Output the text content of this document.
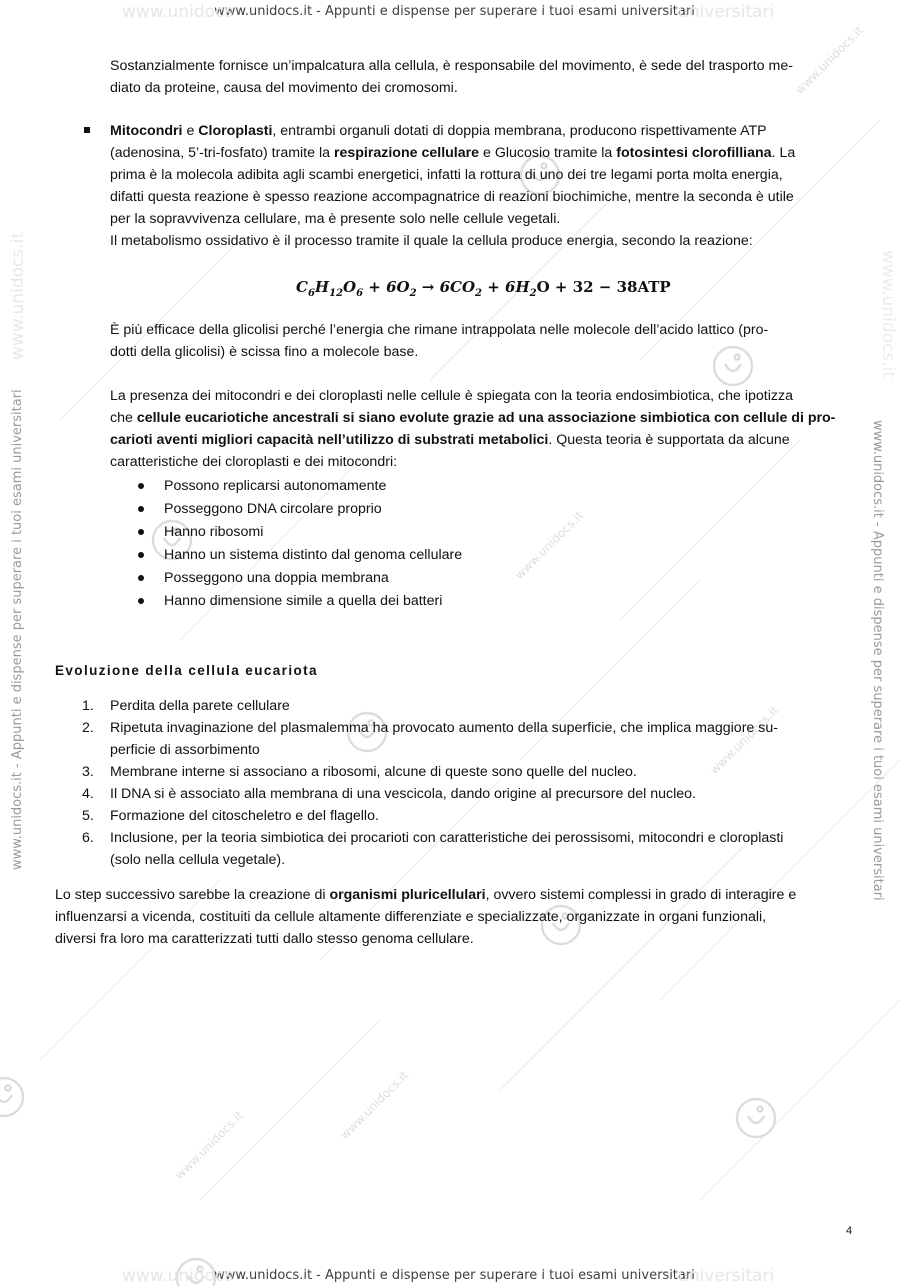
www.unidocs.it
www.unidocs.it
www.unidocs.it
www.unidocs.it
www.unidocs.it
www.unidocs
www.unidocs.it - Appunti e dispense per superare i tuoi esami universitari
universitari
www.unidocs.it
www.unidocs.it - Appunti e dispense per superare i tuoi esami universitari
www.unidocs.it
www.unidocs.it - Appunti e dispense per superare i tuoi esami universitari
Sostanzialmente fornisce un’impalcatura alla cellula, è responsabile del movimento, è sede del trasporto me-
diato da proteine, causa del movimento dei cromosomi.
Mitocondri e Cloroplasti, entrambi organuli dotati di doppia membrana, producono rispettivamente ATP
(adenosina, 5’-tri-fosfato) tramite la respirazione cellulare e Glucosio tramite la fotosintesi clorofilliana. La
prima è la molecola adibita agli scambi energetici, infatti la rottura di uno dei tre legami porta molta energia,
difatti questa reazione è spesso reazione accompagnatrice di reazioni biochimiche, mentre la seconda è utile
per la sopravvivenza cellulare, ma è presente solo nelle cellule vegetali.
Il metabolismo ossidativo è il processo tramite il quale la cellula produce energia, secondo la reazione:
$C_6H_{12}O_6 + 6O_2 \to 6CO_2 + 6H_2O + 32 - 38ATP$
È più efficace della glicolisi perché l’energia che rimane intrappolata nelle molecole dell’acido lattico (pro-
dotti della glicolisi) è scissa fino a molecole base.
La presenza dei mitocondri e dei cloroplasti nelle cellule è spiegata con la teoria endosimbiotica, che ipotizza
che cellule eucariotiche ancestrali si siano evolute grazie ad una associazione simbiotica con cellule di pro-
carioti aventi migliori capacità nell’utilizzo di substrati metabolici. Questa teoria è supportata da alcune
caratteristiche dei cloroplasti e dei mitocondri:
Possono replicarsi autonomamente
Posseggono DNA circolare proprio
Hanno ribosomi
Hanno un sistema distinto dal genoma cellulare
Posseggono una doppia membrana
Hanno dimensione simile a quella dei batteri
Evoluzione della cellula eucariota
1. Perdita della parete cellulare
2. Ripetuta invaginazione del plasmalemma ha provocato aumento della superficie, che implica maggiore su-
perficie di assorbimento
3. Membrane interne si associano a ribosomi, alcune di queste sono quelle del nucleo.
4. Il DNA si è associato alla membrana di una vescicola, dando origine al precursore del nucleo.
5. Formazione del citoscheletro e del flagello.
6. Inclusione, per la teoria simbiotica dei procarioti con caratteristiche dei perossisomi, mitocondri e cloroplasti
(solo nella cellula vegetale).
Lo step successivo sarebbe la creazione di organismi pluricellulari, ovvero sistemi complessi in grado di interagire e
influenzarsi a vicenda, costituiti da cellule altamente differenziate e specializzate, organizzate in organi funzionali,
diversi fra loro ma caratterizzati tutti dallo stesso genoma cellulare.
4
www.unidocs
www.unidocs.it - Appunti e dispense per superare i tuoi esami universitari
universitari
